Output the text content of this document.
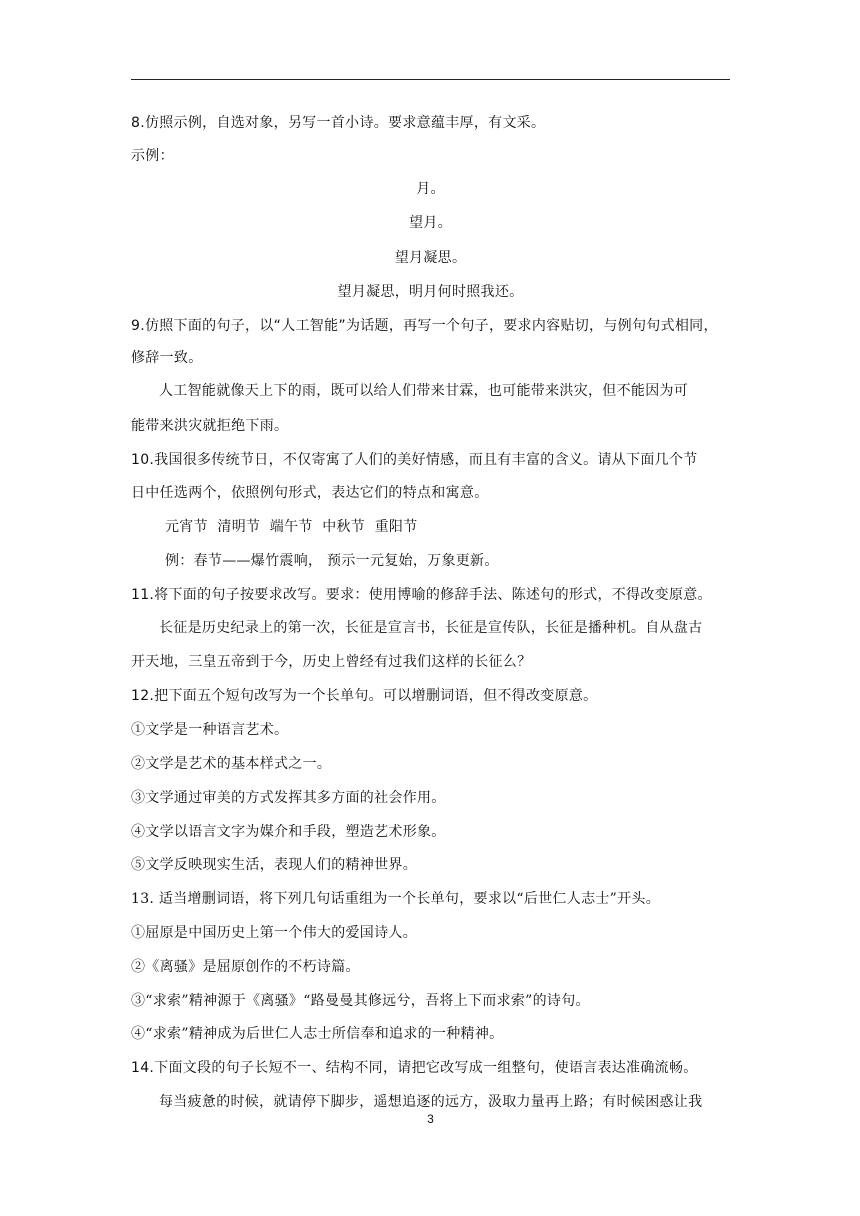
8.仿照示例，自选对象，另写一首小诗。要求意蕴丰厚，有文采。
示例：
月。
望月。
望月凝思。
望月凝思，明月何时照我还。
9.仿照下面的句子，以“人工智能”为话题，再写一个句子，要求内容贴切，与例句句式相同，
修辞一致。
人工智能就像天上下的雨，既可以给人们带来甘霖，也可能带来洪灾，但不能因为可
能带来洪灾就拒绝下雨。
10.我国很多传统节日，不仅寄寓了人们的美好情感，而且有丰富的含义。请从下面几个节
日中任选两个，依照例句形式，表达它们的特点和寓意。
元宵节  清明节  端午节  中秋节  重阳节
例：春节——爆竹震响， 预示一元复始，万象更新。
11.将下面的句子按要求改写。要求：使用博喻的修辞手法、陈述句的形式，不得改变原意。
长征是历史纪录上的第一次，长征是宣言书，长征是宣传队，长征是播种机。自从盘古
开天地，三皇五帝到于今，历史上曾经有过我们这样的长征么？
12.把下面五个短句改写为一个长单句。可以增删词语，但不得改变原意。
①文学是一种语言艺术。
②文学是艺术的基本样式之一。
③文学通过审美的方式发挥其多方面的社会作用。
④文学以语言文字为媒介和手段，塑造艺术形象。
⑤文学反映现实生活，表现人们的精神世界。
13. 适当增删词语，将下列几句话重组为一个长单句，要求以“后世仁人志士”开头。
①屈原是中国历史上第一个伟大的爱国诗人。
②《离骚》是屈原创作的不朽诗篇。
③“求索”精神源于《离骚》“路曼曼其修远兮，吾将上下而求索”的诗句。
④“求索”精神成为后世仁人志士所信奉和追求的一种精神。
14.下面文段的句子长短不一、结构不同，请把它改写成一组整句，使语言表达准确流畅。
每当疲惫的时候，就请停下脚步，遥想追逐的远方，汲取力量再上路；有时候困惑让我
3
